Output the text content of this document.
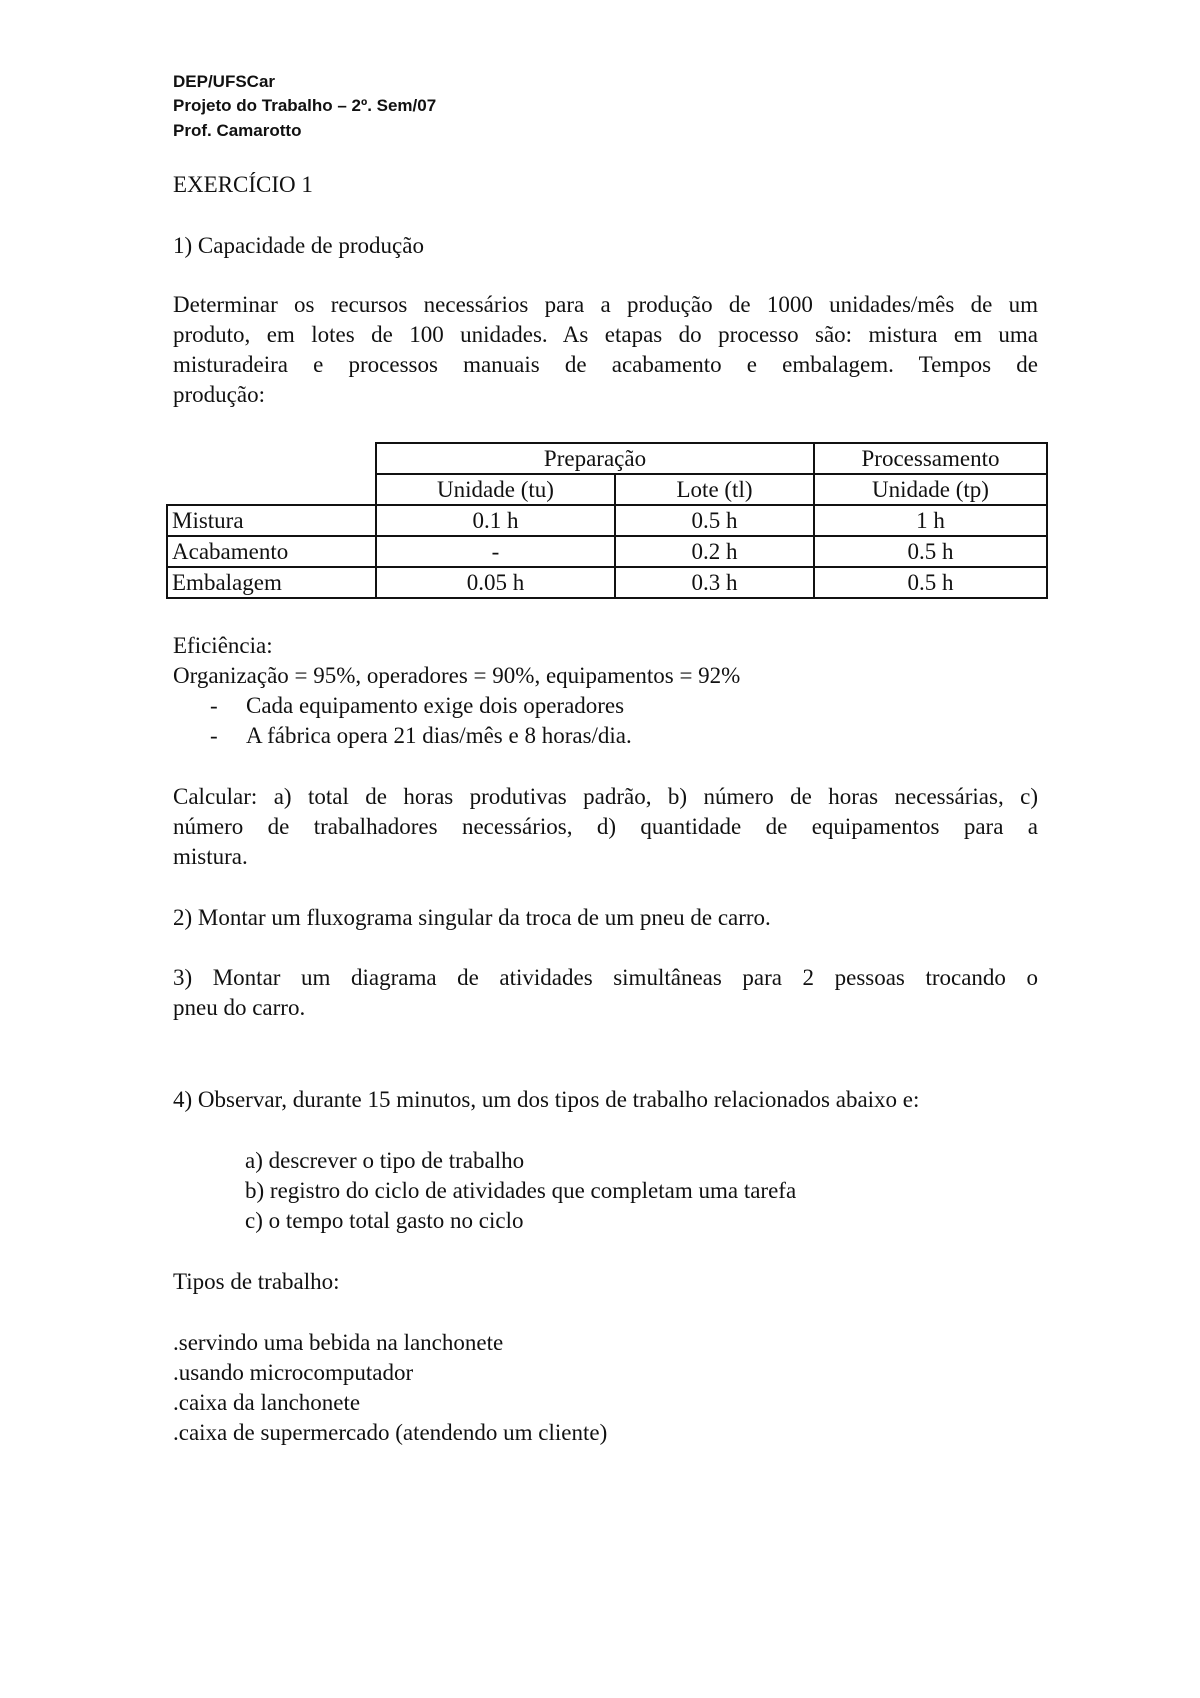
DEP/UFSCar
Projeto do Trabalho – 2º. Sem/07
Prof. Camarotto
EXERCÍCIO 1
1) Capacidade de produção
Determinar os recursos necessários para a produção de 1000 unidades/mês de um
produto, em lotes de 100 unidades. As etapas do processo são: mistura em uma
misturadeira e processos manuais de acabamento e embalagem. Tempos de
produção:
	Preparação		Processamento
	Unidade (tu)	Lote (tl)	Unidade (tp)
Mistura	0.1 h	0.5 h	1 h
Acabamento	-	0.2 h	0.5 h
Embalagem	0.05 h	0.3 h	0.5 h
Eficiência:
Organização = 95%, operadores = 90%, equipamentos = 92%
- Cada equipamento exige dois operadores
- A fábrica opera 21 dias/mês e 8 horas/dia.
Calcular: a) total de horas produtivas padrão, b) número de horas necessárias, c)
número de trabalhadores necessários, d) quantidade de equipamentos para a
mistura.
2) Montar um fluxograma singular da troca de um pneu de carro.
3) Montar um diagrama de atividades simultâneas para 2 pessoas trocando o
pneu do carro.
4) Observar, durante 15 minutos, um dos tipos de trabalho relacionados abaixo e:
a) descrever o tipo de trabalho
b) registro do ciclo de atividades que completam uma tarefa
c) o tempo total gasto no ciclo
Tipos de trabalho:
.servindo uma bebida na lanchonete
.usando microcomputador
.caixa da lanchonete
.caixa de supermercado (atendendo um cliente)
